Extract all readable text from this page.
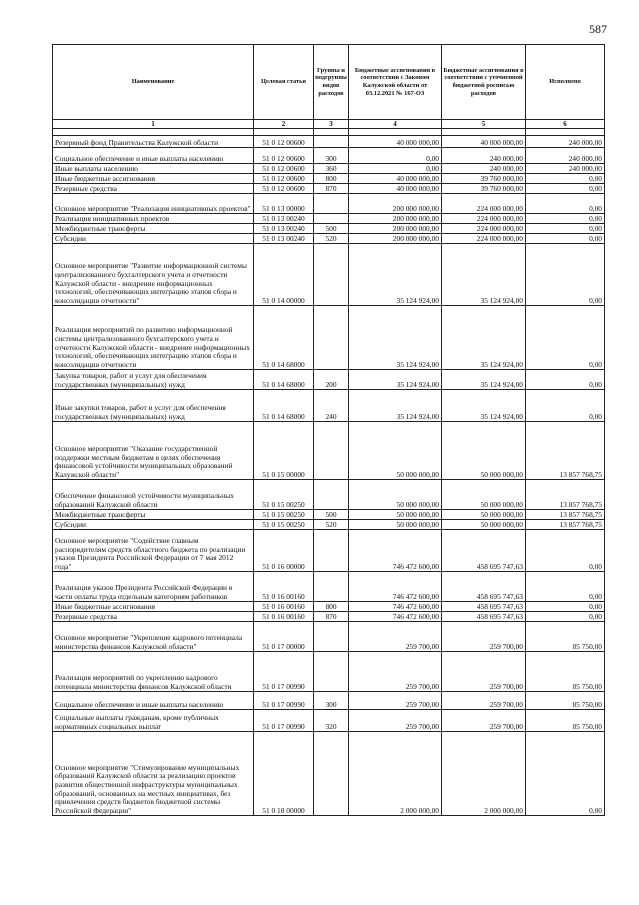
587
Наименование	Целевая статья	Группы и подгруппы видов расходов	Бюджетные ассигнования в соответствии с Законом Калужской области от 03.12.2021 № 167-ОЗ	Бюджетные ассигнования в соответствии с уточненной бюджетной росписью расходов	Исполнено
1	2	3	4	5	6

Резервный фонд Правительства Калужской области	51 0 12 00600		40 000 000,00	40 000 000,00	240 000,00
Социальное обеспечение и иные выплаты населению	51 0 12 00600	300	0,00	240 000,00	240 000,00
Иные выплаты населению	51 0 12 00600	360	0,00	240 000,00	240 000,00
Иные бюджетные ассигнования	51 0 12 00600	800	40 000 000,00	39 760 000,00	0,00
Резервные средства	51 0 12 00600	870	40 000 000,00	39 760 000,00	0,00
Основное мероприятие "Реализация инициативных проектов"	51 0 13 00000		200 000 000,00	224 000 000,00	0,00
Реализация инициативных проектов	51 0 13 00240		200 000 000,00	224 000 000,00	0,00
Межбюджетные трансферты	51 0 13 00240	500	200 000 000,00	224 000 000,00	0,00
Субсидии	51 0 13 00240	520	200 000 000,00	224 000 000,00	0,00
Основное мероприятие "Развитие информационной системы централизованного бухгалтерского учета и отчетности Калужской области - внедрение информационных технологий, обеспечивающих интеграцию этапов сбора и консолидации отчетности"	51 0 14 00000		35 124 924,00	35 124 924,00	0,00
Реализация мероприятий по развитию информационной системы централизованного бухгалтерского учета и отчетности Калужской области - внедрение информационных технологий, обеспечивающих интеграцию этапов сбора и консолидации отчетности	51 0 14 68000		35 124 924,00	35 124 924,00	0,00
Закупка товаров, работ и услуг для обеспечения государственных (муниципальных) нужд	51 0 14 68000	200	35 124 924,00	35 124 924,00	0,00
Иные закупки товаров, работ и услуг для обеспечения государственных (муниципальных) нужд	51 0 14 68000	240	35 124 924,00	35 124 924,00	0,00
Основное мероприятие "Оказание государственной поддержки местным бюджетам в целях обеспечения финансовой устойчивости муниципальных образований Калужской области"	51 0 15 00000		50 000 000,00	50 000 000,00	13 857 768,75
Обеспечение финансовой устойчивости муниципальных образований Калужской области	51 0 15 00250		50 000 000,00	50 000 000,00	13 857 768,75
Межбюджетные трансферты	51 0 15 00250	500	50 000 000,00	50 000 000,00	13 857 768,75
Субсидии	51 0 15 00250	520	50 000 000,00	50 000 000,00	13 857 768,75
Основное мероприятие "Содействие главным распорядителям средств областного бюджета по реализации указов Президента Российской Федерации от 7 мая 2012 года"	51 0 16 00000		746 472 600,00	458 695 747,63	0,00
Реализация указов Президента Российской Федерации в части оплаты труда отдельным категориям работников	51 0 16 00160		746 472 600,00	458 695 747,63	0,00
Иные бюджетные ассигнования	51 0 16 00160	800	746 472 600,00	458 695 747,63	0,00
Резервные средства	51 0 16 00160	870	746 472 600,00	458 695 747,63	0,00
Основное мероприятие "Укрепление кадрового потенциала министерства финансов Калужской области"	51 0 17 00000		259 700,00	259 700,00	85 750,00
Реализация мероприятий по укреплению кадрового потенциала министерства финансов Калужской области	51 0 17 00990		259 700,00	259 700,00	85 750,00
Социальное обеспечение и иные выплаты населению	51 0 17 00990	300	259 700,00	259 700,00	85 750,00
Социальные выплаты гражданам, кроме публичных нормативных социальных выплат	51 0 17 00990	320	259 700,00	259 700,00	85 750,00
Основное мероприятие "Стимулирование муниципальных образований Калужской области за реализацию проектов развития общественной инфраструктуры муниципальных образований, основанных на местных инициативах, без привлечения средств бюджетов бюджетной системы Российской Федерации"	51 0 18 00000		2 000 000,00	2 000 000,00	0,00
